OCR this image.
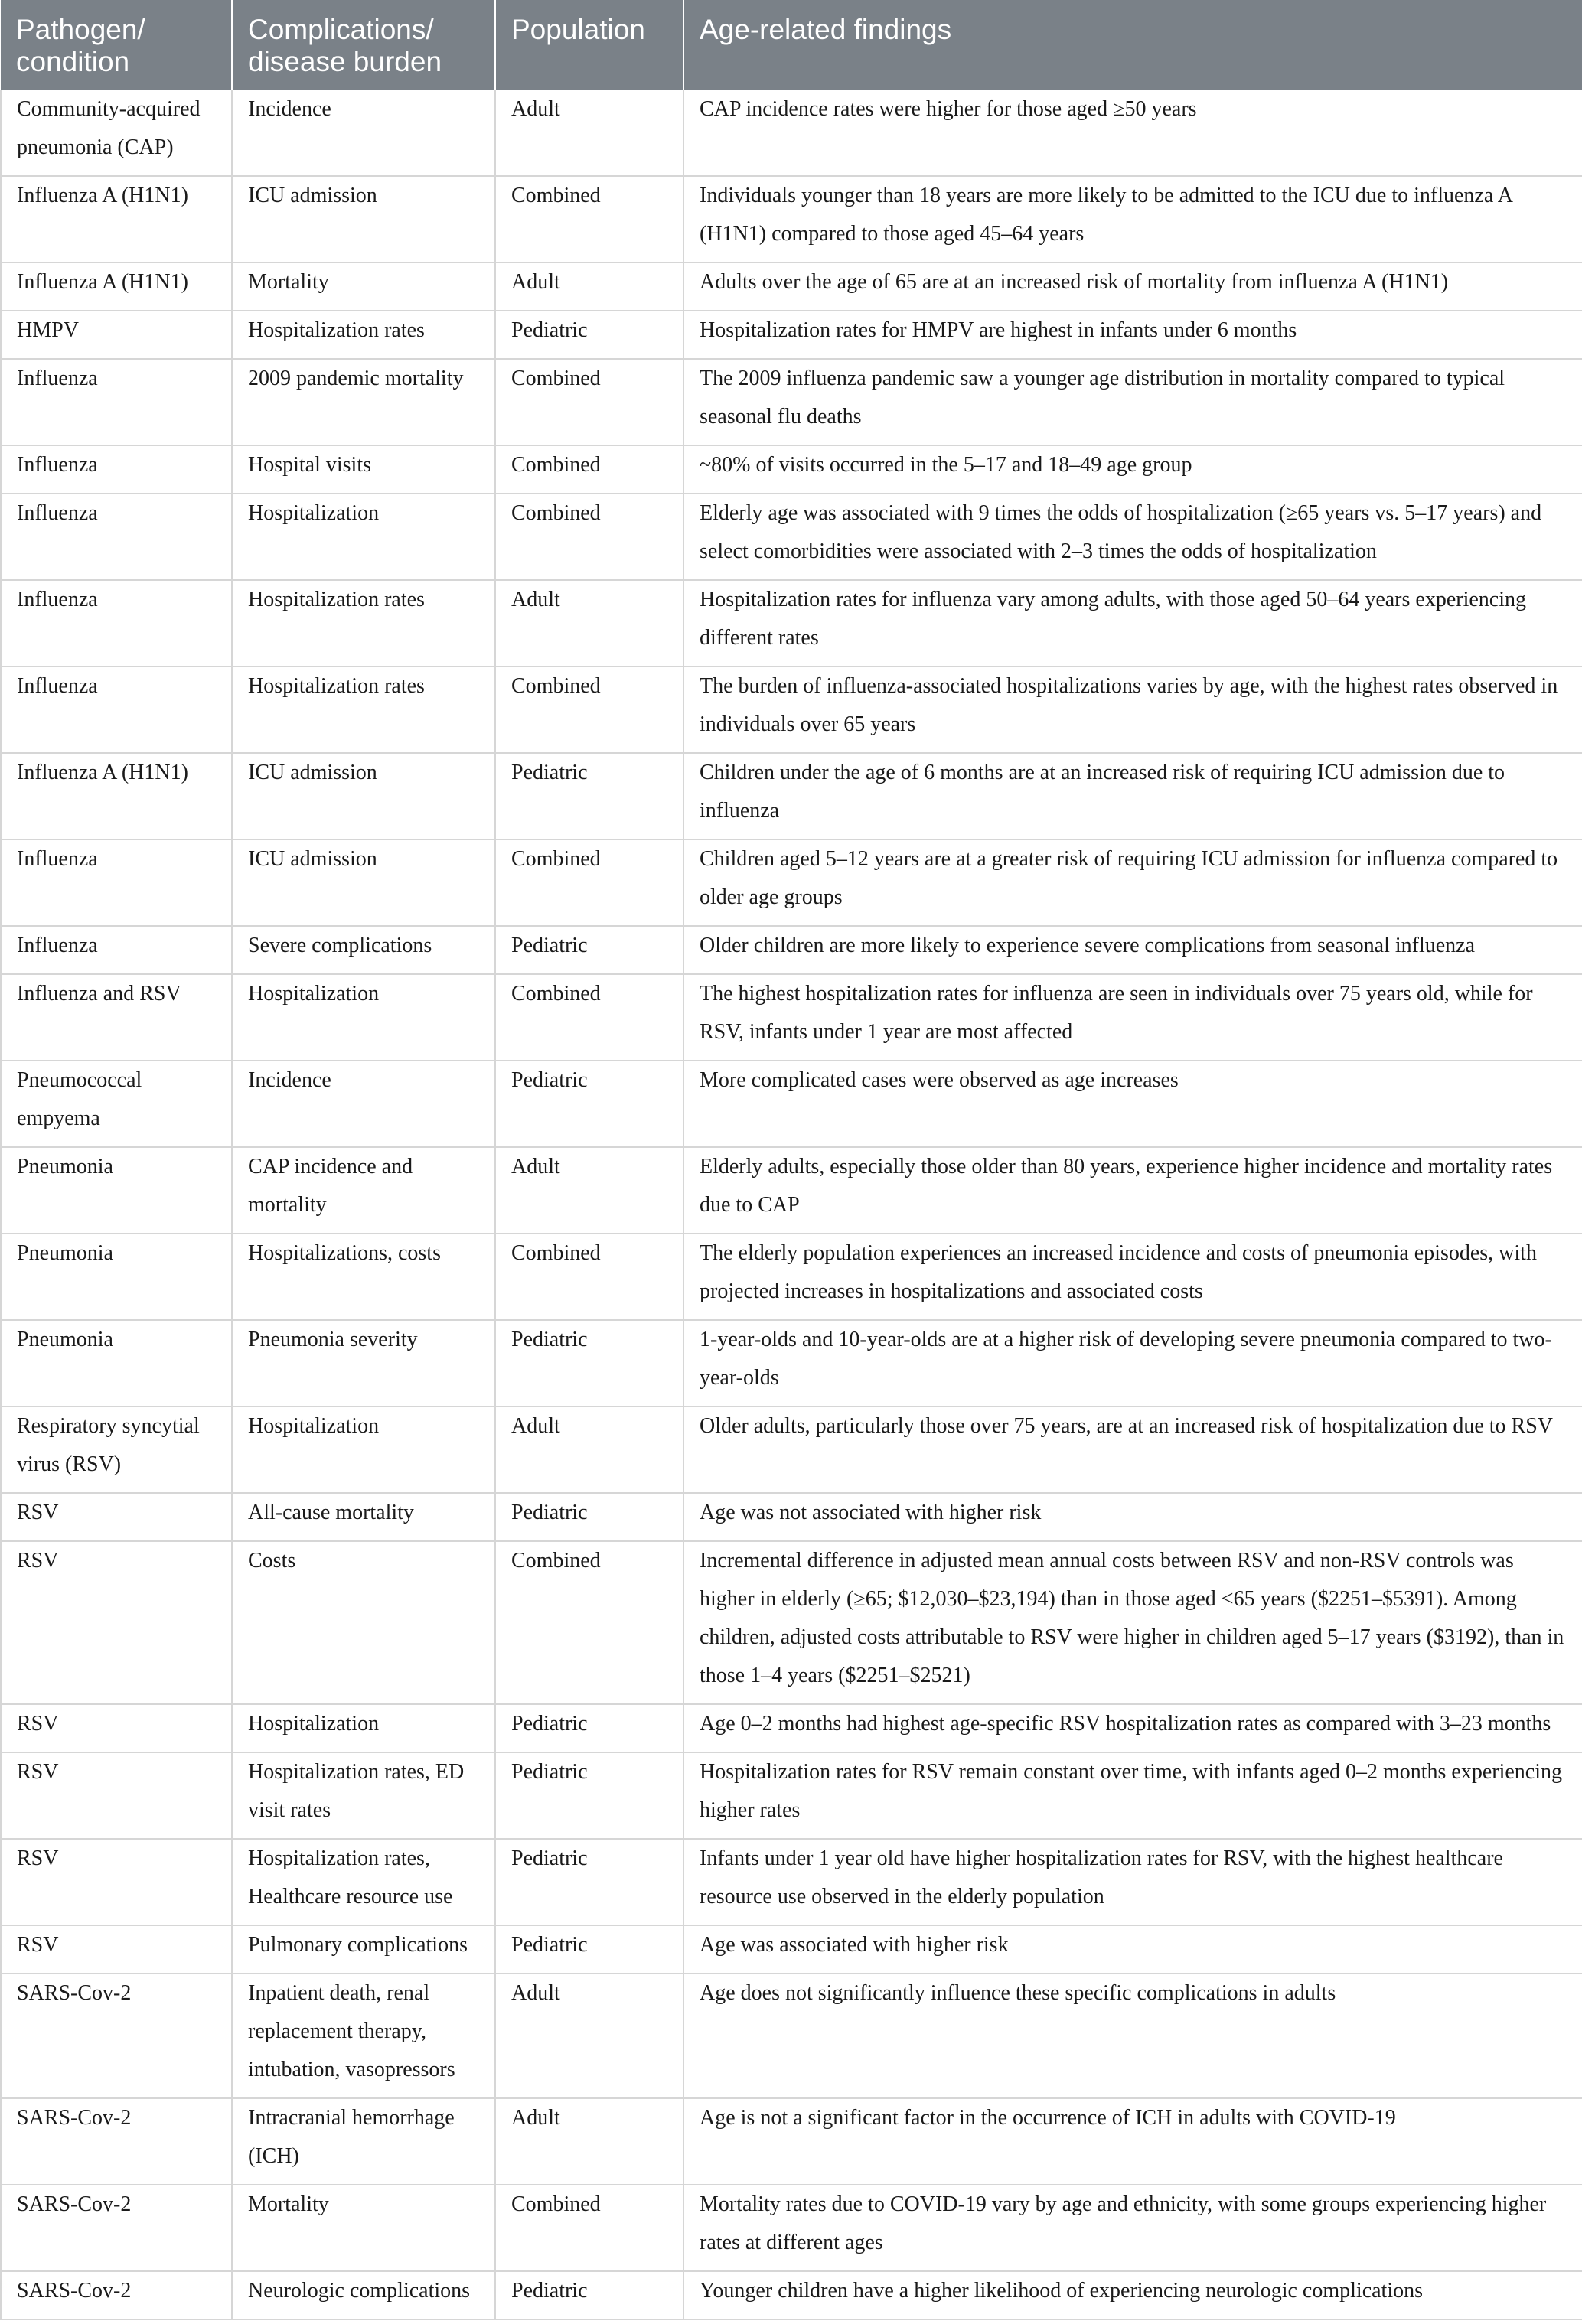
Pathogen/ condition	Complications/ disease burden	Population	Age-related findings
Community-acquired pneumonia (CAP)	Incidence	Adult	CAP incidence rates were higher for those aged ≥50 years
Influenza A (H1N1)	ICU admission	Combined	Individuals younger than 18 years are more likely to be admitted to the ICU due to influenza A (H1N1) compared to those aged 45–64 years
Influenza A (H1N1)	Mortality	Adult	Adults over the age of 65 are at an increased risk of mortality from influenza A (H1N1)
HMPV	Hospitalization rates	Pediatric	Hospitalization rates for HMPV are highest in infants under 6 months
Influenza	2009 pandemic mortality	Combined	The 2009 influenza pandemic saw a younger age distribution in mortality compared to typical seasonal flu deaths
Influenza	Hospital visits	Combined	~80% of visits occurred in the 5–17 and 18–49 age group
Influenza	Hospitalization	Combined	Elderly age was associated with 9 times the odds of hospitalization (≥65 years vs. 5–17 years) and select comorbidities were associated with 2–3 times the odds of hospitalization
Influenza	Hospitalization rates	Adult	Hospitalization rates for influenza vary among adults, with those aged 50–64 years experiencing different rates
Influenza	Hospitalization rates	Combined	The burden of influenza-associated hospitalizations varies by age, with the highest rates observed in individuals over 65 years
Influenza A (H1N1)	ICU admission	Pediatric	Children under the age of 6 months are at an increased risk of requiring ICU admission due to influenza
Influenza	ICU admission	Combined	Children aged 5–12 years are at a greater risk of requiring ICU admission for influenza compared to older age groups
Influenza	Severe complications	Pediatric	Older children are more likely to experience severe complications from seasonal influenza
Influenza and RSV	Hospitalization	Combined	The highest hospitalization rates for influenza are seen in individuals over 75 years old, while for RSV, infants under 1 year are most affected
Pneumococcal empyema	Incidence	Pediatric	More complicated cases were observed as age increases
Pneumonia	CAP incidence and mortality	Adult	Elderly adults, especially those older than 80 years, experience higher incidence and mortality rates due to CAP
Pneumonia	Hospitalizations, costs	Combined	The elderly population experiences an increased incidence and costs of pneumonia episodes, with projected increases in hospitalizations and associated costs
Pneumonia	Pneumonia severity	Pediatric	1-year-olds and 10-year-olds are at a higher risk of developing severe pneumonia compared to two-year-olds
Respiratory syncytial virus (RSV)	Hospitalization	Adult	Older adults, particularly those over 75 years, are at an increased risk of hospitalization due to RSV
RSV	All-cause mortality	Pediatric	Age was not associated with higher risk
RSV	Costs	Combined	Incremental difference in adjusted mean annual costs between RSV and non-RSV controls was higher in elderly (≥65; $12,030–$23,194) than in those aged <65 years ($2251–$5391). Among children, adjusted costs attributable to RSV were higher in children aged 5–17 years ($3192), than in those 1–4 years ($2251–$2521)
RSV	Hospitalization	Pediatric	Age 0–2 months had highest age-specific RSV hospitalization rates as compared with 3–23 months
RSV	Hospitalization rates, ED visit rates	Pediatric	Hospitalization rates for RSV remain constant over time, with infants aged 0–2 months experiencing higher rates
RSV	Hospitalization rates, Healthcare resource use	Pediatric	Infants under 1 year old have higher hospitalization rates for RSV, with the highest healthcare resource use observed in the elderly population
RSV	Pulmonary complications	Pediatric	Age was associated with higher risk
SARS-Cov-2	Inpatient death, renal replacement therapy, intubation, vasopressors	Adult	Age does not significantly influence these specific complications in adults
SARS-Cov-2	Intracranial hemorrhage (ICH)	Adult	Age is not a significant factor in the occurrence of ICH in adults with COVID-19
SARS-Cov-2	Mortality	Combined	Mortality rates due to COVID-19 vary by age and ethnicity, with some groups experiencing higher rates at different ages
SARS-Cov-2	Neurologic complications	Pediatric	Younger children have a higher likelihood of experiencing neurologic complications
